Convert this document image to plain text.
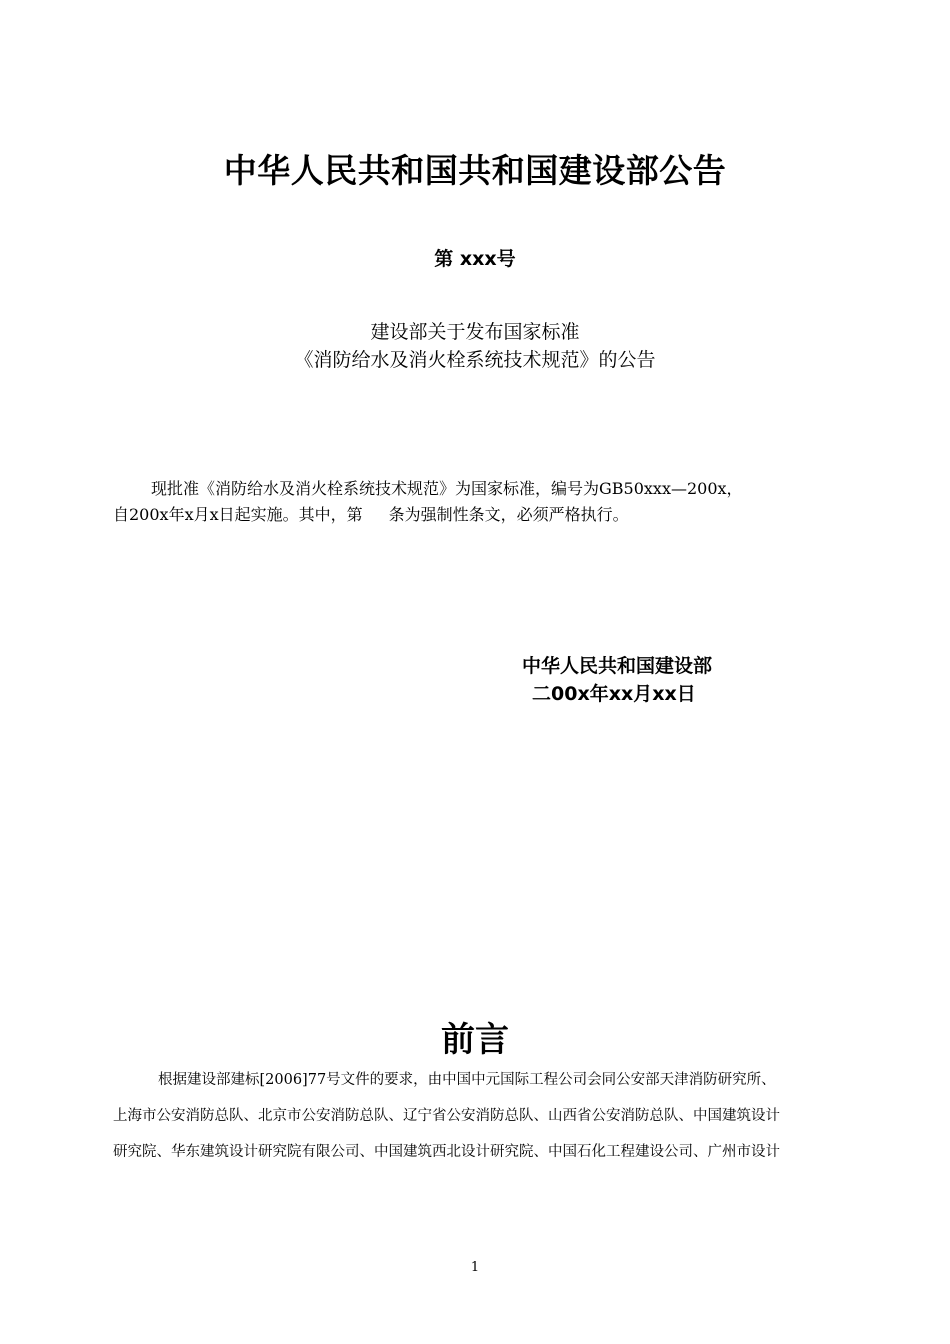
中华人民共和国共和国建设部公告
第 xxx号
建设部关于发布国家标准
《消防给水及消火栓系统技术规范》的公告
现批准《消防给水及消火栓系统技术规范》为国家标准，编号为GB50xxx—200x，
自200x年x月x日起实施。其中，第 条为强制性条文，必须严格执行。
中华人民共和国建设部
二00x年xx月xx日
前言
根据建设部建标[2006]77号文件的要求，由中国中元国际工程公司会同公安部天津消防研究所、
上海市公安消防总队、北京市公安消防总队、辽宁省公安消防总队、山西省公安消防总队、中国建筑设计
研究院、华东建筑设计研究院有限公司、中国建筑西北设计研究院、中国石化工程建设公司、广州市设计
1
